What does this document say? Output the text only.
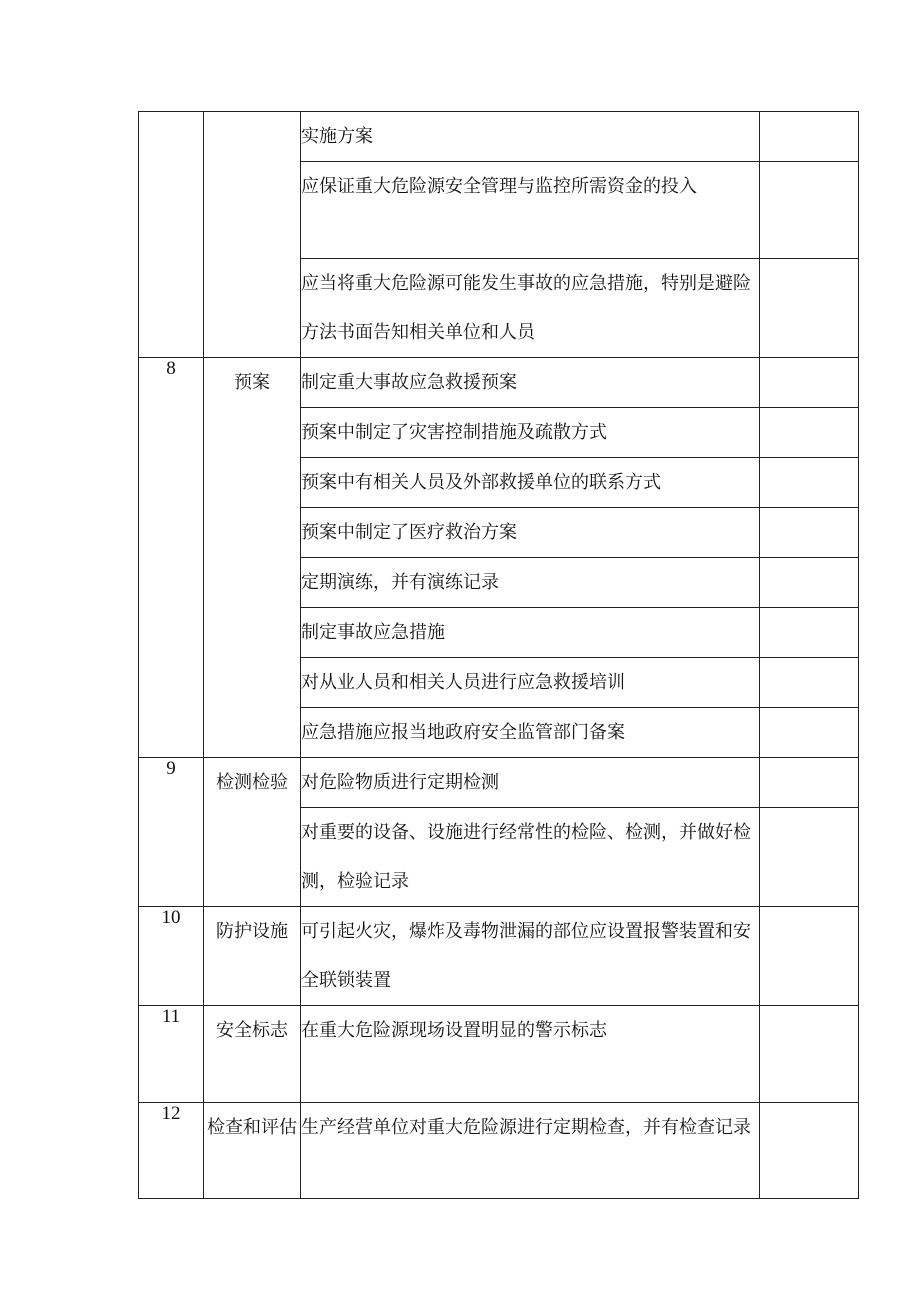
		实施方案	
		应保证重大危险源安全管理与监控所需资金的投入	
		应当将重大危险源可能发生事故的应急措施，特别是避险方法书面告知相关单位和人员	
8	预案	制定重大事故应急救援预案	
		预案中制定了灾害控制措施及疏散方式	
		预案中有相关人员及外部救援单位的联系方式	
		预案中制定了医疗救治方案	
		定期演练，并有演练记录	
		制定事故应急措施	
		对从业人员和相关人员进行应急救援培训	
		应急措施应报当地政府安全监管部门备案	
9	检测检验	对危险物质进行定期检测	
		对重要的设备、设施进行经常性的检险、检测，并做好检测，检验记录	
10	防护设施	可引起火灾，爆炸及毒物泄漏的部位应设置报警装置和安全联锁装置	
11	安全标志	在重大危险源现场设置明显的警示标志	
12	检查和评估	生产经营单位对重大危险源进行定期检查，并有检查记录	
